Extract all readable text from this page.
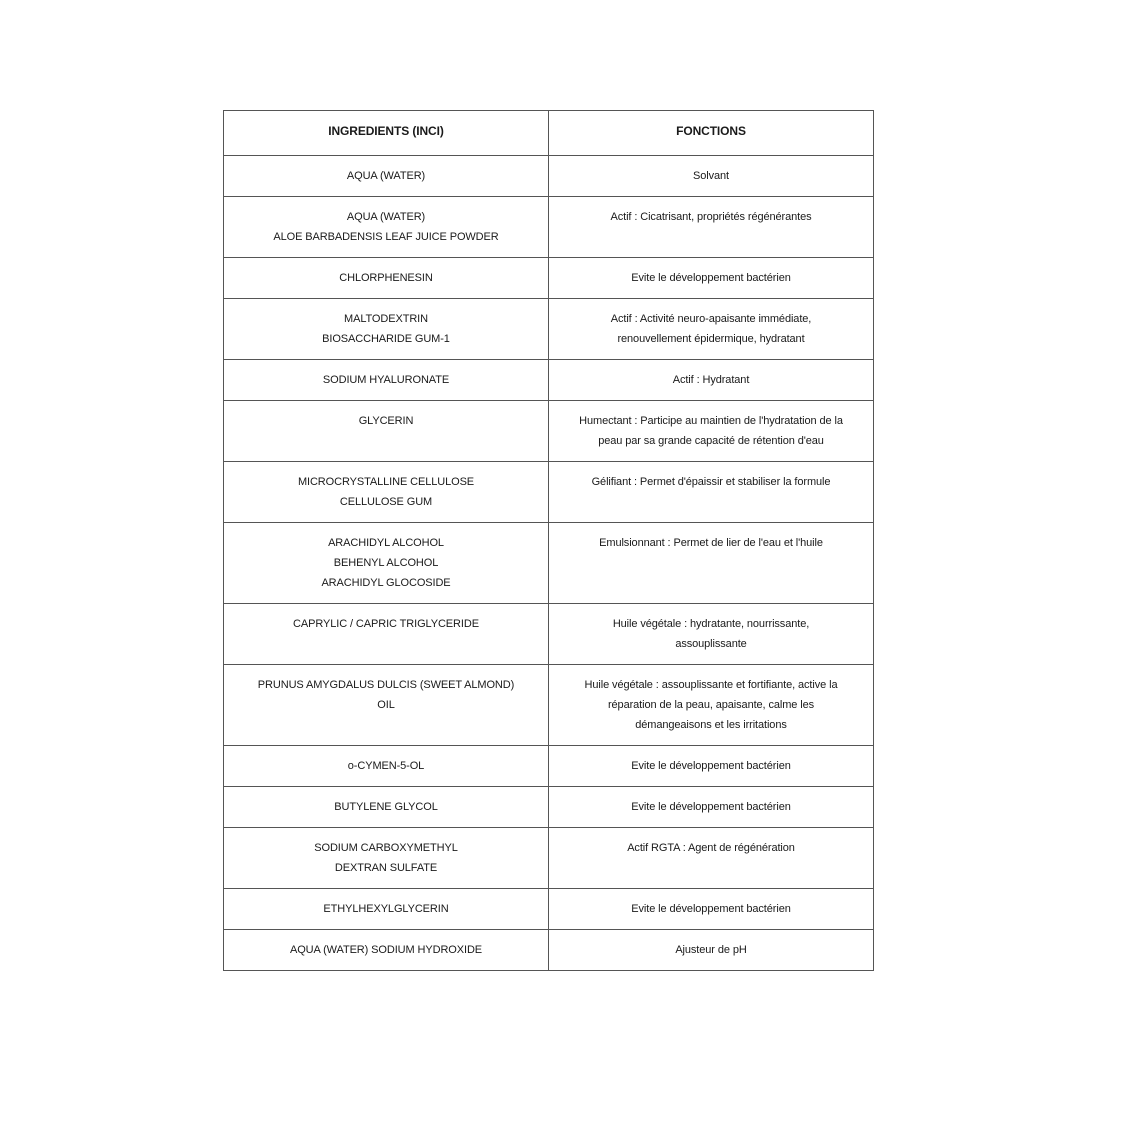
INGREDIENTS (INCI)	FONCTIONS

AQUA (WATER)	Solvant

AQUA (WATER)
ALOE BARBADENSIS LEAF JUICE POWDER	Actif : Cicatrisant, propriétés régénérantes

CHLORPHENESIN	Evite le développement bactérien

MALTODEXTRIN
BIOSACCHARIDE GUM-1	Actif : Activité neuro-apaisante immédiate,
renouvellement épidermique, hydratant

SODIUM HYALURONATE	Actif : Hydratant

GLYCERIN	Humectant : Participe au maintien de l'hydratation de la
peau par sa grande capacité de rétention d'eau

MICROCRYSTALLINE CELLULOSE
CELLULOSE GUM	Gélifiant : Permet d'épaissir et stabiliser la formule

ARACHIDYL ALCOHOL
BEHENYL ALCOHOL
ARACHIDYL GLOCOSIDE	Emulsionnant : Permet de lier de l'eau et l'huile

CAPRYLIC / CAPRIC TRIGLYCERIDE	Huile végétale : hydratante, nourrissante,
assouplissante

PRUNUS AMYGDALUS DULCIS (SWEET ALMOND)
OIL	Huile végétale : assouplissante et fortifiante, active la
réparation de la peau, apaisante, calme les
démangeaisons et les irritations

o-CYMEN-5-OL	Evite le développement bactérien

BUTYLENE GLYCOL	Evite le développement bactérien

SODIUM CARBOXYMETHYL
DEXTRAN SULFATE	Actif RGTA : Agent de régénération

ETHYLHEXYLGLYCERIN	Evite le développement bactérien

AQUA (WATER) SODIUM HYDROXIDE	Ajusteur de pH
